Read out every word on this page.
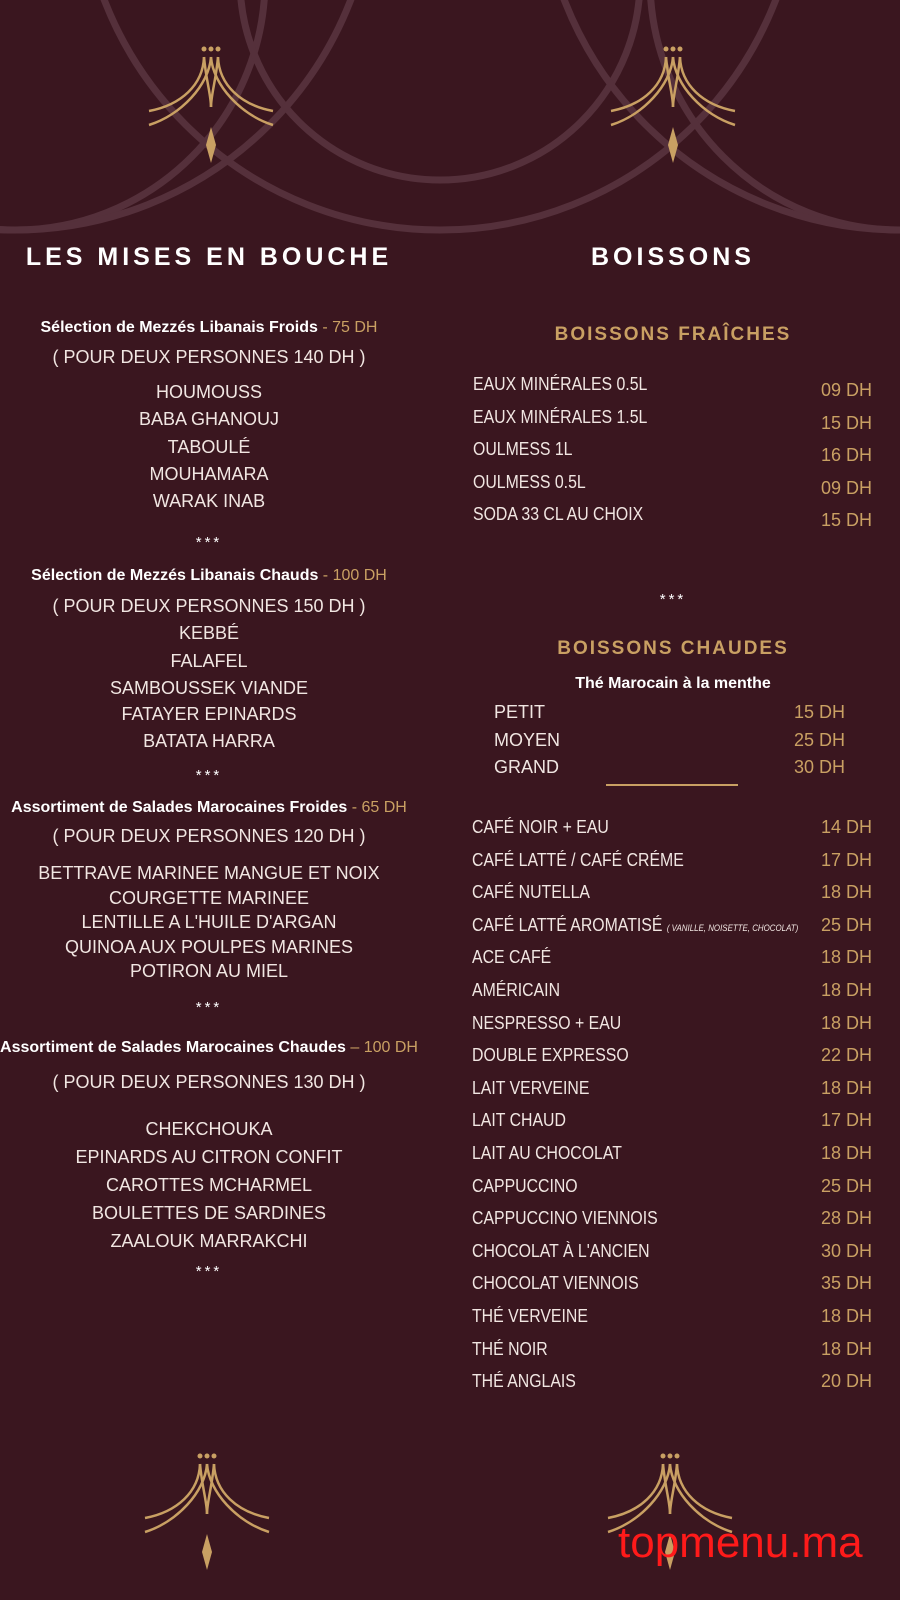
LES MISES EN BOUCHE
Sélection de Mezzés Libanais Froids - 75 DH
( POUR DEUX PERSONNES 140 DH )
HOUMOUSS
BABA GHANOUJ
TABOULÉ
MOUHAMARA
WARAK INAB
***
Sélection de Mezzés Libanais Chauds - 100 DH
( POUR DEUX PERSONNES 150 DH )
KEBBÉ
FALAFEL
SAMBOUSSEK VIANDE
FATAYER EPINARDS
BATATA HARRA
***
Assortiment de Salades Marocaines Froides - 65 DH
( POUR DEUX PERSONNES 120 DH )
BETTRAVE MARINEE MANGUE ET NOIX
COURGETTE MARINEE
LENTILLE A L'HUILE D'ARGAN
QUINOA AUX POULPES MARINES
POTIRON AU MIEL
***
Assortiment de Salades Marocaines Chaudes – 100 DH
( POUR DEUX PERSONNES 130 DH )
CHEKCHOUKA
EPINARDS AU CITRON CONFIT
CAROTTES MCHARMEL
BOULETTES DE SARDINES
ZAALOUK MARRAKCHI
***
BOISSONS
BOISSONS FRAÎCHES
EAUX MINÉRALES 0.5L	09 DH
EAUX MINÉRALES 1.5L	15 DH
OULMESS 1L	16 DH
OULMESS 0.5L	09 DH
SODA 33 CL AU CHOIX	15 DH
***
BOISSONS CHAUDES
Thé Marocain à la menthe
PETIT	15 DH
MOYEN	25 DH
GRAND	30 DH
CAFÉ NOIR + EAU	14 DH
CAFÉ LATTÉ / CAFÉ CRÉME	17 DH
CAFÉ NUTELLA	18 DH
CAFÉ LATTÉ AROMATISÉ ( VANILLE, NOISETTE, CHOCOLAT) 25 DH
ACE CAFÉ	18 DH
AMÉRICAIN	18 DH
NESPRESSO + EAU	18 DH
DOUBLE EXPRESSO	22 DH
LAIT VERVEINE	18 DH
LAIT CHAUD	17 DH
LAIT AU CHOCOLAT	18 DH
CAPPUCCINO	25 DH
CAPPUCCINO VIENNOIS	28 DH
CHOCOLAT À L'ANCIEN	30 DH
CHOCOLAT VIENNOIS	35 DH
THÉ VERVEINE	18 DH
THÉ NOIR	18 DH
THÉ ANGLAIS	20 DH
topmenu.ma
